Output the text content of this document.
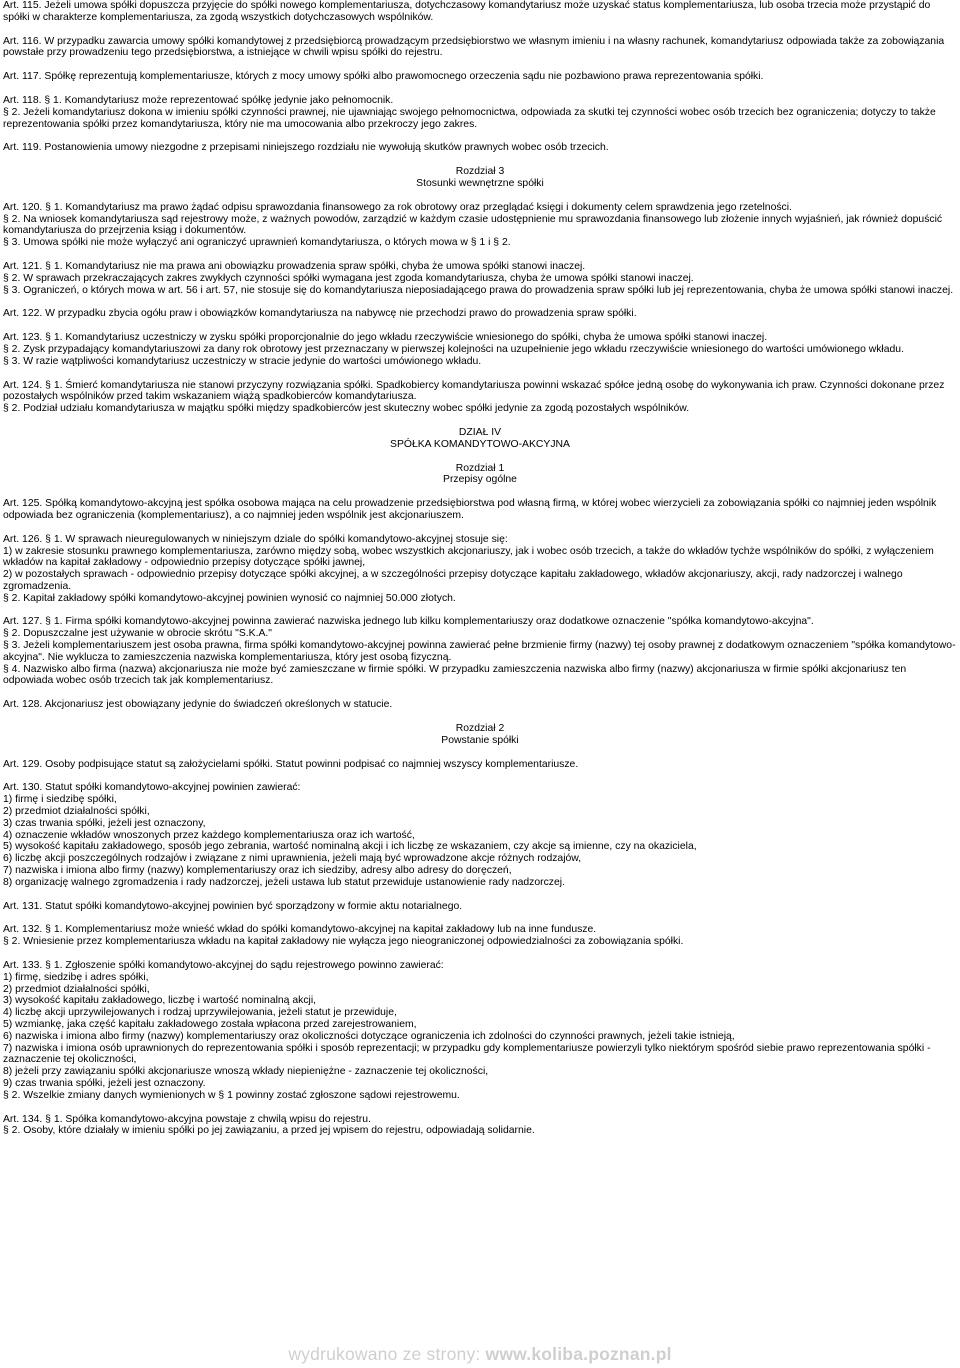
Art. 115. Jeżeli umowa spółki dopuszcza przyjęcie do spółki nowego komplementariusza, dotychczasowy komandytariusz może uzyskać status komplementariusza, lub osoba trzecia może przystąpić do spółki w charakterze komplementariusza, za zgodą wszystkich dotychczasowych wspólników.

Art. 116. W przypadku zawarcia umowy spółki komandytowej z przedsiębiorcą prowadzącym przedsiębiorstwo we własnym imieniu i na własny rachunek, komandytariusz odpowiada także za zobowiązania powstałe przy prowadzeniu tego przedsiębiorstwa, a istniejące w chwili wpisu spółki do rejestru.

Art. 117. Spółkę reprezentują komplementariusze, których z mocy umowy spółki albo prawomocnego orzeczenia sądu nie pozbawiono prawa reprezentowania spółki.

Art. 118. § 1. Komandytariusz może reprezentować spółkę jedynie jako pełnomocnik.
§ 2. Jeżeli komandytariusz dokona w imieniu spółki czynności prawnej, nie ujawniając swojego pełnomocnictwa, odpowiada za skutki tej czynności wobec osób trzecich bez ograniczenia; dotyczy to także reprezentowania spółki przez komandytariusza, który nie ma umocowania albo przekroczy jego zakres.

Art. 119. Postanowienia umowy niezgodne z przepisami niniejszego rozdziału nie wywołują skutków prawnych wobec osób trzecich.

Rozdział 3
Stosunki wewnętrzne spółki

Art. 120. § 1. Komandytariusz ma prawo żądać odpisu sprawozdania finansowego za rok obrotowy oraz przeglądać księgi i dokumenty celem sprawdzenia jego rzetelności.
§ 2. Na wniosek komandytariusza sąd rejestrowy może, z ważnych powodów, zarządzić w każdym czasie udostępnienie mu sprawozdania finansowego lub złożenie innych wyjaśnień, jak również dopuścić komandytariusza do przejrzenia ksiąg i dokumentów.
§ 3. Umowa spółki nie może wyłączyć ani ograniczyć uprawnień komandytariusza, o których mowa w § 1 i § 2.

Art. 121. § 1. Komandytariusz nie ma prawa ani obowiązku prowadzenia spraw spółki, chyba że umowa spółki stanowi inaczej.
§ 2. W sprawach przekraczających zakres zwykłych czynności spółki wymagana jest zgoda komandytariusza, chyba że umowa spółki stanowi inaczej.
§ 3. Ograniczeń, o których mowa w art. 56 i art. 57, nie stosuje się do komandytariusza nieposiadającego prawa do prowadzenia spraw spółki lub jej reprezentowania, chyba że umowa spółki stanowi inaczej.

Art. 122. W przypadku zbycia ogółu praw i obowiązków komandytariusza na nabywcę nie przechodzi prawo do prowadzenia spraw spółki.

Art. 123. § 1. Komandytariusz uczestniczy w zysku spółki proporcjonalnie do jego wkładu rzeczywiście wniesionego do spółki, chyba że umowa spółki stanowi inaczej.
§ 2. Zysk przypadający komandytariuszowi za dany rok obrotowy jest przeznaczany w pierwszej kolejności na uzupełnienie jego wkładu rzeczywiście wniesionego do wartości umówionego wkładu.
§ 3. W razie wątpliwości komandytariusz uczestniczy w stracie jedynie do wartości umówionego wkładu.

Art. 124. § 1. Śmierć komandytariusza nie stanowi przyczyny rozwiązania spółki. Spadkobiercy komandytariusza powinni wskazać spółce jedną osobę do wykonywania ich praw. Czynności dokonane przez pozostałych wspólników przed takim wskazaniem wiążą spadkobierców komandytariusza.
§ 2. Podział udziału komandytariusza w majątku spółki między spadkobierców jest skuteczny wobec spółki jedynie za zgodą pozostałych wspólników.

DZIAŁ IV
SPÓŁKA KOMANDYTOWO-AKCYJNA
Rozdział 1
Przepisy ogólne

Art. 125. Spółką komandytowo-akcyjną jest spółka osobowa mająca na celu prowadzenie przedsiębiorstwa pod własną firmą, w której wobec wierzycieli za zobowiązania spółki co najmniej jeden wspólnik odpowiada bez ograniczenia (komplementariusz), a co najmniej jeden wspólnik jest akcjonariuszem.

Art. 126. § 1. W sprawach nieuregulowanych w niniejszym dziale do spółki komandytowo-akcyjnej stosuje się:
1) w zakresie stosunku prawnego komplementariusza, zarówno między sobą, wobec wszystkich akcjonariuszy, jak i wobec osób trzecich, a także do wkładów tychże wspólników do spółki, z wyłączeniem wkładów na kapitał zakładowy - odpowiednio przepisy dotyczące spółki jawnej,
2) w pozostałych sprawach - odpowiednio przepisy dotyczące spółki akcyjnej, a w szczególności przepisy dotyczące kapitału zakładowego, wkładów akcjonariuszy, akcji, rady nadzorczej i walnego zgromadzenia.
§ 2. Kapitał zakładowy spółki komandytowo-akcyjnej powinien wynosić co najmniej 50.000 złotych.

Art. 127. § 1. Firma spółki komandytowo-akcyjnej powinna zawierać nazwiska jednego lub kilku komplementariuszy oraz dodatkowe oznaczenie "spółka komandytowo-akcyjna".
§ 2. Dopuszczalne jest używanie w obrocie skrótu "S.K.A."
§ 3. Jeżeli komplementariuszem jest osoba prawna, firma spółki komandytowo-akcyjnej powinna zawierać pełne brzmienie firmy (nazwy) tej osoby prawnej z dodatkowym oznaczeniem "spółka komandytowo-akcyjna". Nie wyklucza to zamieszczenia nazwiska komplementariusza, który jest osobą fizyczną.
§ 4. Nazwisko albo firma (nazwa) akcjonariusza nie może być zamieszczane w firmie spółki. W przypadku zamieszczenia nazwiska albo firmy (nazwy) akcjonariusza w firmie spółki akcjonariusz ten odpowiada wobec osób trzecich tak jak komplementariusz.

Art. 128. Akcjonariusz jest obowiązany jedynie do świadczeń określonych w statucie.

Rozdział 2
Powstanie spółki

Art. 129. Osoby podpisujące statut są założycielami spółki. Statut powinni podpisać co najmniej wszyscy komplementariusze.

Art. 130. Statut spółki komandytowo-akcyjnej powinien zawierać:
1) firmę i siedzibę spółki,
2) przedmiot działalności spółki,
3) czas trwania spółki, jeżeli jest oznaczony,
4) oznaczenie wkładów wnoszonych przez każdego komplementariusza oraz ich wartość,
5) wysokość kapitału zakładowego, sposób jego zebrania, wartość nominalną akcji i ich liczbę ze wskazaniem, czy akcje są imienne, czy na okaziciela,
6) liczbę akcji poszczególnych rodzajów i związane z nimi uprawnienia, jeżeli mają być wprowadzone akcje różnych rodzajów,
7) nazwiska i imiona albo firmy (nazwy) komplementariuszy oraz ich siedziby, adresy albo adresy do doręczeń,
8) organizację walnego zgromadzenia i rady nadzorczej, jeżeli ustawa lub statut przewiduje ustanowienie rady nadzorczej.

Art. 131. Statut spółki komandytowo-akcyjnej powinien być sporządzony w formie aktu notarialnego.

Art. 132. § 1. Komplementariusz może wnieść wkład do spółki komandytowo-akcyjnej na kapitał zakładowy lub na inne fundusze.
§ 2. Wniesienie przez komplementariusza wkładu na kapitał zakładowy nie wyłącza jego nieograniczonej odpowiedzialności za zobowiązania spółki.

Art. 133. § 1. Zgłoszenie spółki komandytowo-akcyjnej do sądu rejestrowego powinno zawierać:
1) firmę, siedzibę i adres spółki,
2) przedmiot działalności spółki,
3) wysokość kapitału zakładowego, liczbę i wartość nominalną akcji,
4) liczbę akcji uprzywilejowanych i rodzaj uprzywilejowania, jeżeli statut je przewiduje,
5) wzmiankę, jaka część kapitału zakładowego została wpłacona przed zarejestrowaniem,
6) nazwiska i imiona albo firmy (nazwy) komplementariuszy oraz okoliczności dotyczące ograniczenia ich zdolności do czynności prawnych, jeżeli takie istnieją,
7) nazwiska i imiona osób uprawnionych do reprezentowania spółki i sposób reprezentacji; w przypadku gdy komplementariusze powierzyli tylko niektórym spośród siebie prawo reprezentowania spółki - zaznaczenie tej okoliczności,
8) jeżeli przy zawiązaniu spółki akcjonariusze wnoszą wkłady niepieniężne - zaznaczenie tej okoliczności,
9) czas trwania spółki, jeżeli jest oznaczony.
§ 2. Wszelkie zmiany danych wymienionych w § 1 powinny zostać zgłoszone sądowi rejestrowemu.

Art. 134. § 1. Spółka komandytowo-akcyjna powstaje z chwilą wpisu do rejestru.
§ 2. Osoby, które działały w imieniu spółki po jej zawiązaniu, a przed jej wpisem do rejestru, odpowiadają solidarnie.

wydrukowano ze strony: www.koliba.poznan.pl
